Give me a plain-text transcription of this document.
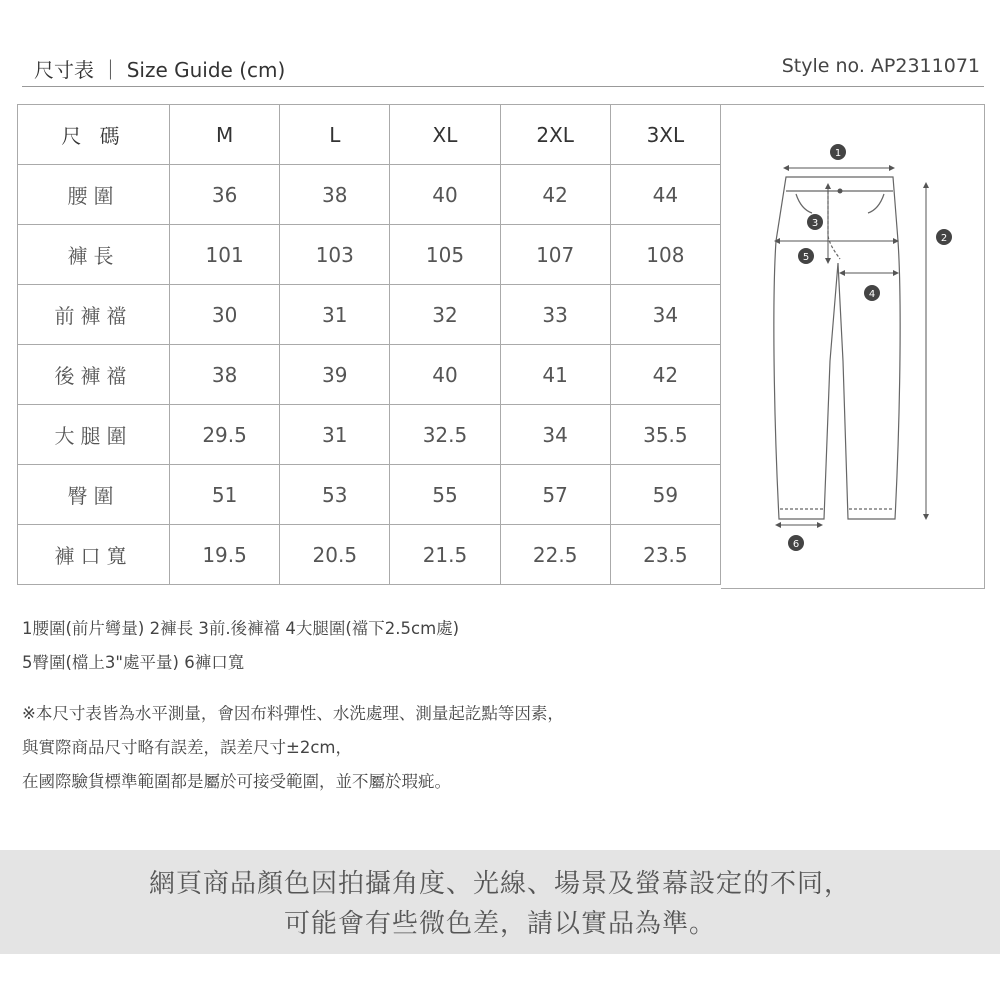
尺寸表 ｜ Size Guide (cm)	Style no. AP2311071
尺 碼	M	L	XL	2XL	3XL
腰圍	36	38	40	42	44
褲長	101	103	105	107	108
前褲襠	30	31	32	33	34
後褲襠	38	39	40	41	42
大腿圍	29.5	31	32.5	34	35.5
臀圍	51	53	55	57	59
褲口寬	19.5	20.5	21.5	22.5	23.5
1
2
3
4
5
6
1腰圍(前片彎量) 2褲長 3前.後褲襠 4大腿圍(襠下2.5cm處)
5臀圍(檔上3"處平量) 6褲口寬
※本尺寸表皆為水平測量，會因布料彈性、水洗處理、測量起訖點等因素，
與實際商品尺寸略有誤差，誤差尺寸±2cm，
在國際驗貨標準範圍都是屬於可接受範圍，並不屬於瑕疵。
網頁商品顏色因拍攝角度、光線、場景及螢幕設定的不同，
可能會有些微色差，請以實品為準。
